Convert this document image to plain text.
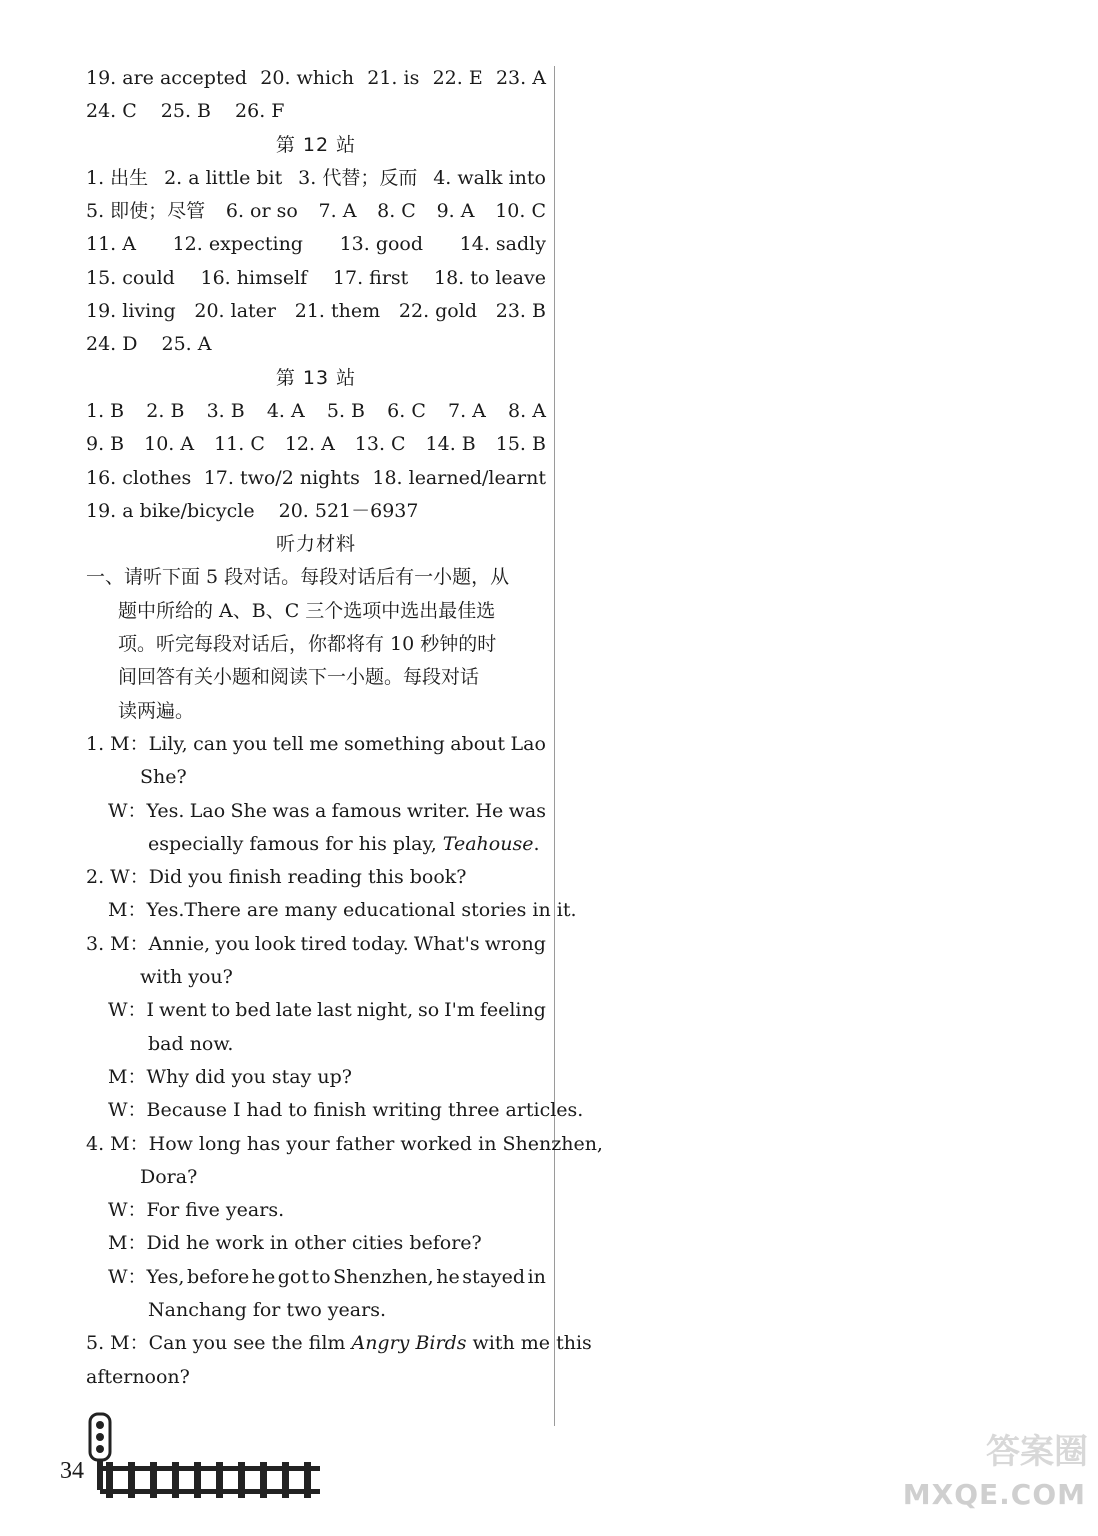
19. are accepted 20. which 21. is 22. E 23. A
24. C 25. B 26. F
第 12 站
1. 出生 2. a little bit 3. 代替；反而 4. walk into
5. 即使；尽管 6. or so 7. A 8. C 9. A 10. C
11. A 12. expecting 13. good 14. sadly
15. could 16. himself 17. first 18. to leave
19. living 20. later 21. them 22. gold 23. B
24. D 25. A
第 13 站
1. B 2. B 3. B 4. A 5. B 6. C 7. A 8. A
9. B 10. A 11. C 12. A 13. C 14. B 15. B
16. clothes 17. two/2 nights 18. learned/learnt
19. a bike/bicycle 20. 521－6937
听力材料
一、请听下面 5 段对话。每段对话后有一小题，从
题中所给的 A、B、C 三个选项中选出最佳选
项。听完每段对话后，你都将有 10 秒钟的时
间回答有关小题和阅读下一小题。每段对话
读两遍。
1. M： Lily, can you tell me something about Lao
She?
W： Yes. Lao She was a famous writer. He was
especially famous for his play, Teahouse.
2. W： Did you finish reading this book?
M： Yes. There are many educational stories in it.
3. M： Annie, you look tired today. What's wrong
with you?
W： I went to bed late last night, so I'm feeling
bad now.
M： Why did you stay up?
W： Because I had to finish writing three articles.
4. M： How long has your father worked in Shenzhen,
Dora?
W： For five years.
M： Did he work in other cities before?
W： Yes, before he got to Shenzhen, he stayed in
Nanchang for two years.
5. M： Can you see the film Angry Birds with me this
afternoon?
34	答案圈
MXQE.COM
